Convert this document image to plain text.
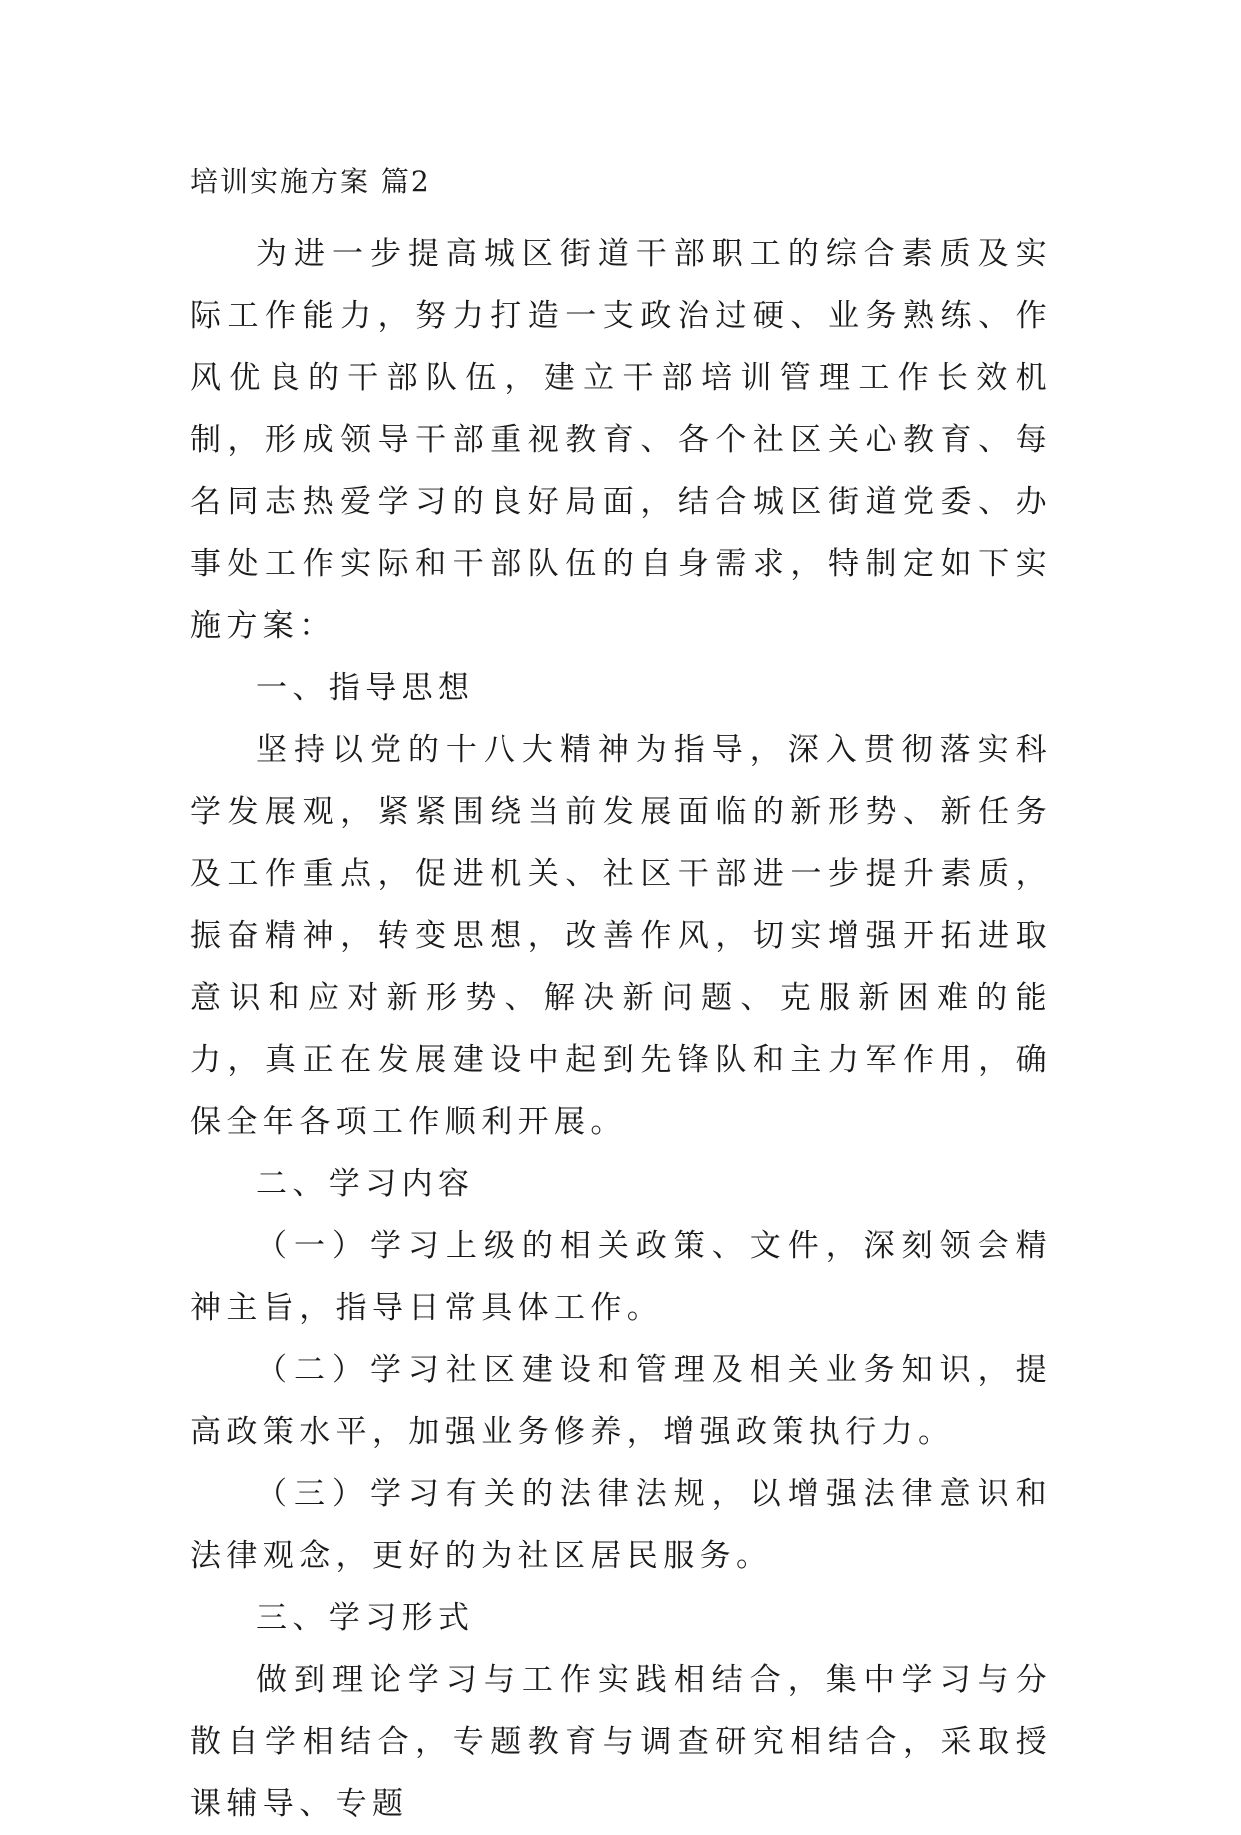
培训实施方案 篇2

为进一步提高城区街道干部职工的综合素质及实际工作能力，努力打造一支政治过硬、业务熟练、作风优良的干部队伍，建立干部培训管理工作长效机制，形成领导干部重视教育、各个社区关心教育、每名同志热爱学习的良好局面，结合城区街道党委、办事处工作实际和干部队伍的自身需求，特制定如下实施方案：

一、指导思想

坚持以党的十八大精神为指导，深入贯彻落实科学发展观，紧紧围绕当前发展面临的新形势、新任务及工作重点，促进机关、社区干部进一步提升素质，振奋精神，转变思想，改善作风，切实增强开拓进取意识和应对新形势、解决新问题、克服新困难的能力，真正在发展建设中起到先锋队和主力军作用，确保全年各项工作顺利开展。

二、学习内容

（一）学习上级的相关政策、文件，深刻领会精神主旨，指导日常具体工作。

（二）学习社区建设和管理及相关业务知识，提高政策水平，加强业务修养，增强政策执行力。

（三）学习有关的法律法规，以增强法律意识和法律观念，更好的为社区居民服务。

三、学习形式

做到理论学习与工作实践相结合，集中学习与分散自学相结合，专题教育与调查研究相结合，采取授课辅导、专题
